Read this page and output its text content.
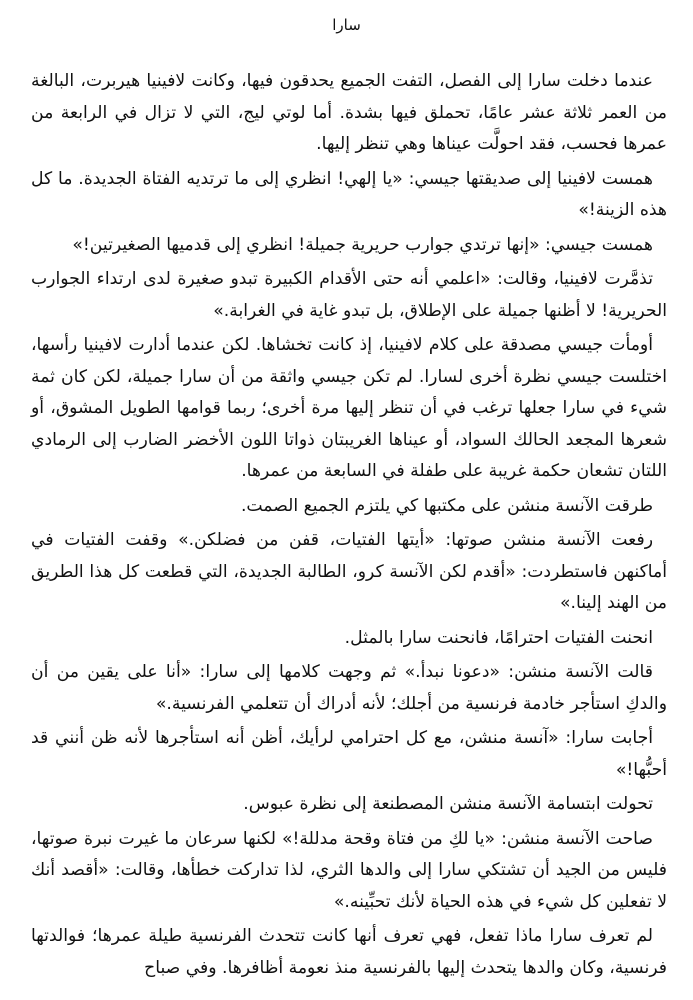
سارا

عندما دخلت سارا إلى الفصل، التفت الجميع يحدقون فيها، وكانت لافينيا هيربرت، البالغة من العمر ثلاثة عشر عامًا، تحملق فيها بشدة. أما لوتي ليج، التي لا تزال في الرابعة من عمرها فحسب، فقد احولَّت عيناها وهي تنظر إليها.

همست لافينيا إلى صديقتها جيسي: «يا إلهي! انظري إلى ما ترتديه الفتاة الجديدة. ما كل هذه الزينة!»

همست جيسي: «إنها ترتدي جوارب حريرية جميلة! انظري إلى قدميها الصغيرتين!»

تذمَّرت لافينيا، وقالت: «اعلمي أنه حتى الأقدام الكبيرة تبدو صغيرة لدى ارتداء الجوارب الحريرية! لا أظنها جميلة على الإطلاق، بل تبدو غاية في الغرابة.»

أومأت جيسي مصدقة على كلام لافينيا، إذ كانت تخشاها. لكن عندما أدارت لافينيا رأسها، اختلست جيسي نظرة أخرى لسارا. لم تكن جيسي واثقة من أن سارا جميلة، لكن كان ثمة شيء في سارا جعلها ترغب في أن تنظر إليها مرة أخرى؛ ربما قوامها الطويل المشوق، أو شعرها المجعد الحالك السواد، أو عيناها الغريبتان ذواتا اللون الأخضر الضارب إلى الرمادي اللتان تشعان حكمة غريبة على طفلة في السابعة من عمرها.

طرقت الآنسة منشن على مكتبها كي يلتزم الجميع الصمت.

رفعت الآنسة منشن صوتها: «أيتها الفتيات، قفن من فضلكن.» وقفت الفتيات في أماكنهن فاستطردت: «أقدم لكن الآنسة كرو، الطالبة الجديدة، التي قطعت كل هذا الطريق من الهند إلينا.»

انحنت الفتيات احترامًا، فانحنت سارا بالمثل.

قالت الآنسة منشن: «دعونا نبدأ.» ثم وجهت كلامها إلى سارا: «أنا على يقين من أن والدكِ استأجر خادمة فرنسية من أجلك؛ لأنه أدراك أن تتعلمي الفرنسية.»

أجابت سارا: «آنسة منشن، مع كل احترامي لرأيك، أظن أنه استأجرها لأنه ظن أنني قد أحبُّها!»

تحولت ابتسامة الآنسة منشن المصطنعة إلى نظرة عبوس.

صاحت الآنسة منشن: «يا لكِ من فتاة وقحة مدللة!» لكنها سرعان ما غيرت نبرة صوتها، فليس من الجيد أن تشتكي سارا إلى والدها الثري، لذا تداركت خطأها، وقالت: «أقصد أنك لا تفعلين كل شيء في هذه الحياة لأنك تحبِّينه.»

لم تعرف سارا ماذا تفعل، فهي تعرف أنها كانت تتحدث الفرنسية طيلة عمرها؛ فوالدتها فرنسية، وكان والدها يتحدث إليها بالفرنسية منذ نعومة أظافرها. وفي صباح
